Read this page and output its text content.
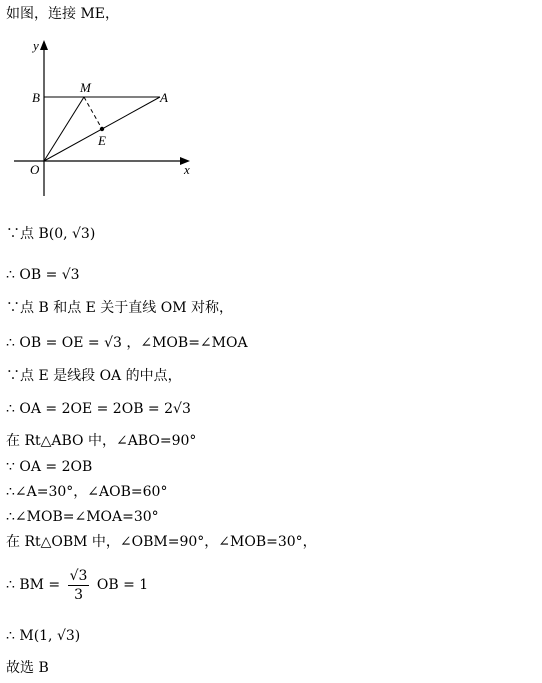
如图，连接 ME，
y
x
B
M
A
E
O
∵点 B(0, √3)
∴ OB = √3
∵点 B 和点 E 关于直线 OM 对称，
∴ OB = OE = √3 ，∠MOB=∠MOA
∵点 E 是线段 OA 的中点，
∴ OA = 2OE = 2OB = 2√3
在 Rt△ABO 中，∠ABO=90°
∵ OA = 2OB
∴∠A=30°，∠AOB=60°
∴∠MOB=∠MOA=30°
在 Rt△OBM 中，∠OBM=90°，∠MOB=30°，
∴ BM = $\frac{√3}{3}$ OB = 1
∴ M(1, √3)
故选 B
